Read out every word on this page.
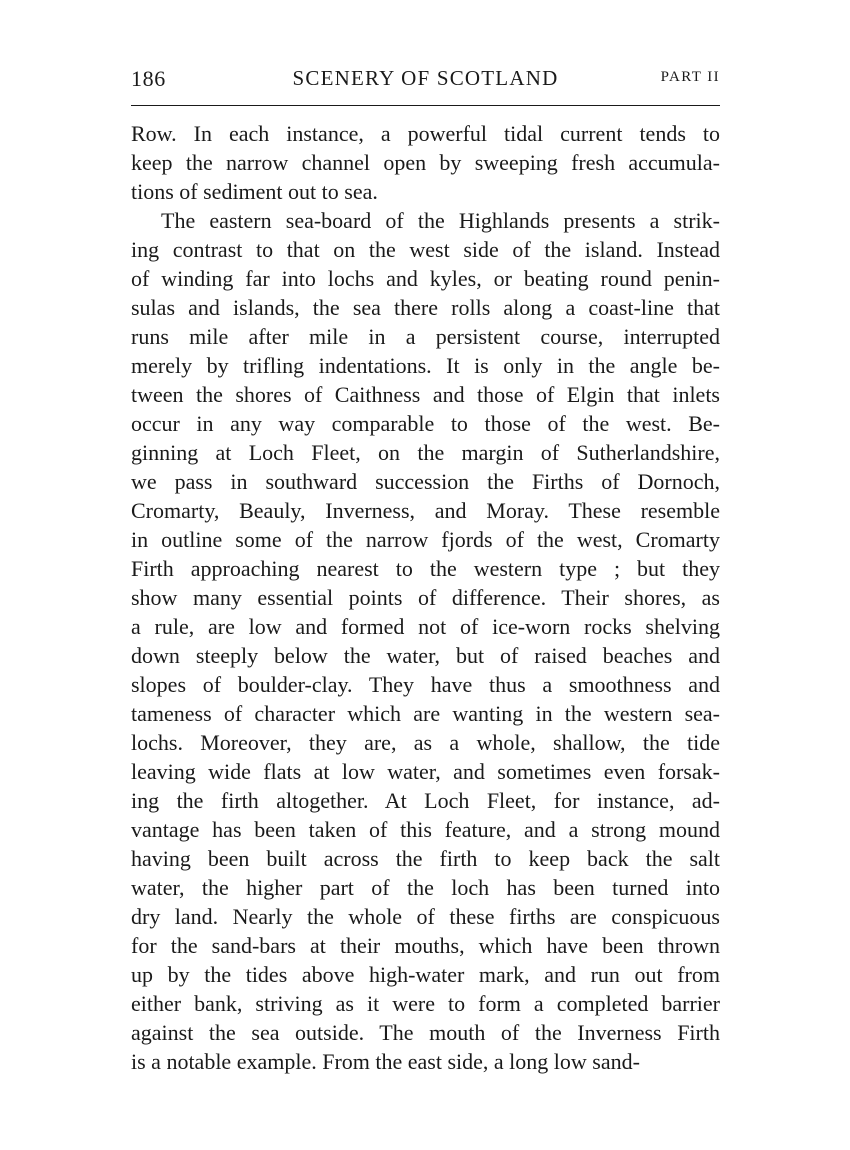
186	SCENERY OF SCOTLAND	PART II
Row. In each instance, a powerful tidal current tends to
keep the narrow channel open by sweeping fresh accumula-
tions of sediment out to sea.
The eastern sea-board of the Highlands presents a strik-
ing contrast to that on the west side of the island. Instead
of winding far into lochs and kyles, or beating round penin-
sulas and islands, the sea there rolls along a coast-line that
runs mile after mile in a persistent course, interrupted
merely by trifling indentations. It is only in the angle be-
tween the shores of Caithness and those of Elgin that inlets
occur in any way comparable to those of the west. Be-
ginning at Loch Fleet, on the margin of Sutherlandshire,
we pass in southward succession the Firths of Dornoch,
Cromarty, Beauly, Inverness, and Moray. These resemble
in outline some of the narrow fjords of the west, Cromarty
Firth approaching nearest to the western type ; but they
show many essential points of difference. Their shores, as
a rule, are low and formed not of ice-worn rocks shelving
down steeply below the water, but of raised beaches and
slopes of boulder-clay. They have thus a smoothness and
tameness of character which are wanting in the western sea-
lochs. Moreover, they are, as a whole, shallow, the tide
leaving wide flats at low water, and sometimes even forsak-
ing the firth altogether. At Loch Fleet, for instance, ad-
vantage has been taken of this feature, and a strong mound
having been built across the firth to keep back the salt
water, the higher part of the loch has been turned into
dry land. Nearly the whole of these firths are conspicuous
for the sand-bars at their mouths, which have been thrown
up by the tides above high-water mark, and run out from
either bank, striving as it were to form a completed barrier
against the sea outside. The mouth of the Inverness Firth
is a notable example. From the east side, a long low sand-
